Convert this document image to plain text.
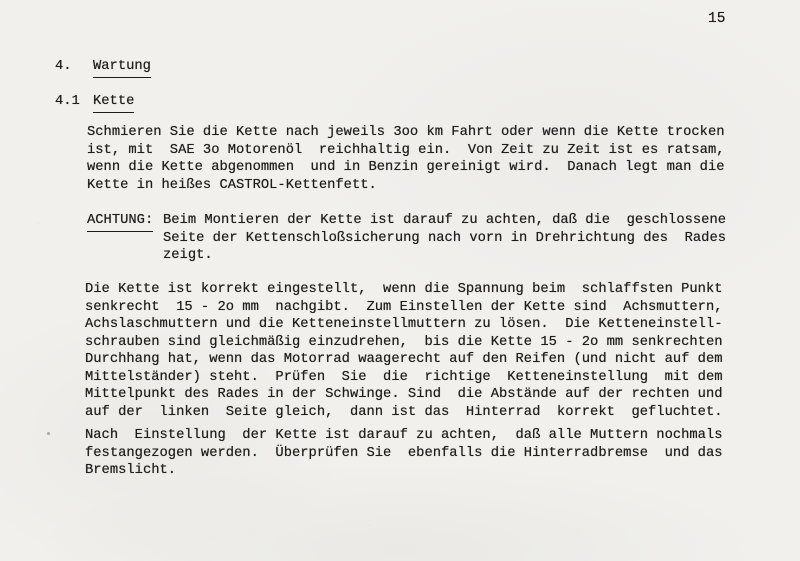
15
4.	Wartung
4.1 Kette
Schmieren Sie die Kette nach jeweils 3oo km Fahrt oder wenn die Kette trocken
ist, mit  SAE 3o Motorenöl  reichhaltig ein.  Von Zeit zu Zeit ist es ratsam,
wenn die Kette abgenommen  und in Benzin gereinigt wird.  Danach legt man die
Kette in heißes CASTROL-Kettenfett.
ACHTUNG: Beim Montieren der Kette ist darauf zu achten, daß die  geschlossene
Seite der Kettenschloßsicherung nach vorn in Drehrichtung des  Rades
zeigt.
Die Kette ist korrekt eingestellt,  wenn die Spannung beim  schlaffsten Punkt
senkrecht  15 - 2o mm  nachgibt.  Zum Einstellen der Kette sind  Achsmuttern,
Achslaschmuttern und die Ketteneinstellmuttern zu lösen.  Die Ketteneinstell-
schrauben sind gleichmäßig einzudrehen,  bis die Kette 15 - 2o mm senkrechten
Durchhang hat, wenn das Motorrad waagerecht auf den Reifen (und nicht auf dem
Mittelständer) steht.  Prüfen  Sie  die  richtige  Ketteneinstellung  mit dem
Mittelpunkt des Rades in der Schwinge. Sind  die Abstände auf der rechten und
auf der  linken  Seite gleich,  dann ist das  Hinterrad  korrekt  gefluchtet.
Nach  Einstellung  der Kette ist darauf zu achten,  daß alle Muttern nochmals
festangezogen werden.  Überprüfen Sie  ebenfalls die Hinterradbremse  und das
Bremslicht.
